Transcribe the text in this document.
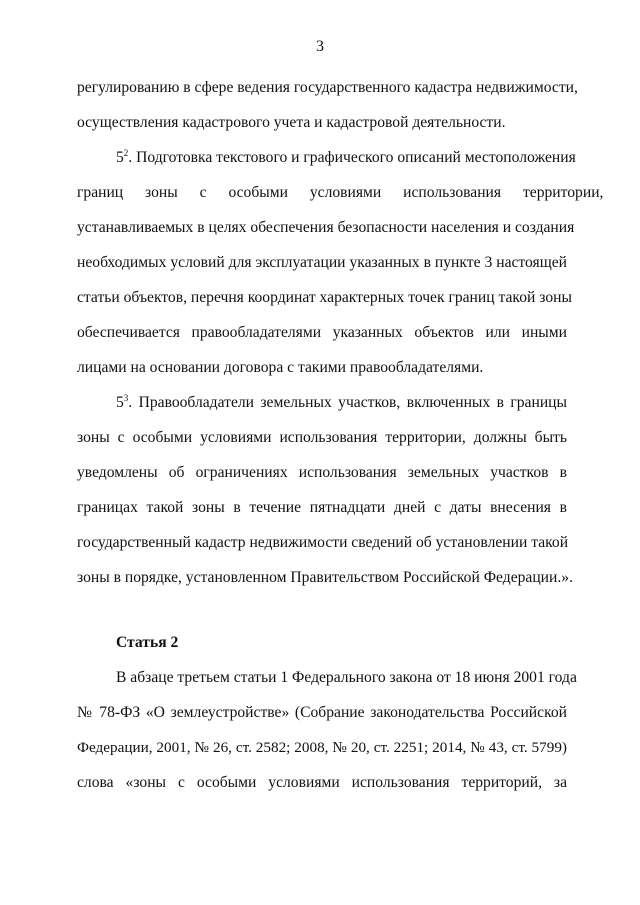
3
регулированию в сфере ведения государственного кадастра недвижимости,
осуществления кадастрового учета и кадастровой деятельности.
$5^2$. Подготовка текстового и графического описаний местоположения
границ зоны с особыми условиями использования территории,
устанавливаемых в целях обеспечения безопасности населения и создания
необходимых условий для эксплуатации указанных в пункте 3 настоящей
статьи объектов, перечня координат характерных точек границ такой зоны
обеспечивается правообладателями указанных объектов или иными
лицами на основании договора с такими правообладателями.
$5^3$. Правообладатели земельных участков, включенных в границы
зоны с особыми условиями использования территории, должны быть
уведомлены об ограничениях использования земельных участков в
границах такой зоны в течение пятнадцати дней с даты внесения в
государственный кадастр недвижимости сведений об установлении такой
зоны в порядке, установленном Правительством Российской Федерации.».
Статья 2
В абзаце третьем статьи 1 Федерального закона от 18 июня 2001 года
№ 78-ФЗ «О землеустройстве» (Собрание законодательства Российской
Федерации, 2001, № 26, ст. 2582; 2008, № 20, ст. 2251; 2014, № 43, ст. 5799)
слова «зоны с особыми условиями использования территорий, за
